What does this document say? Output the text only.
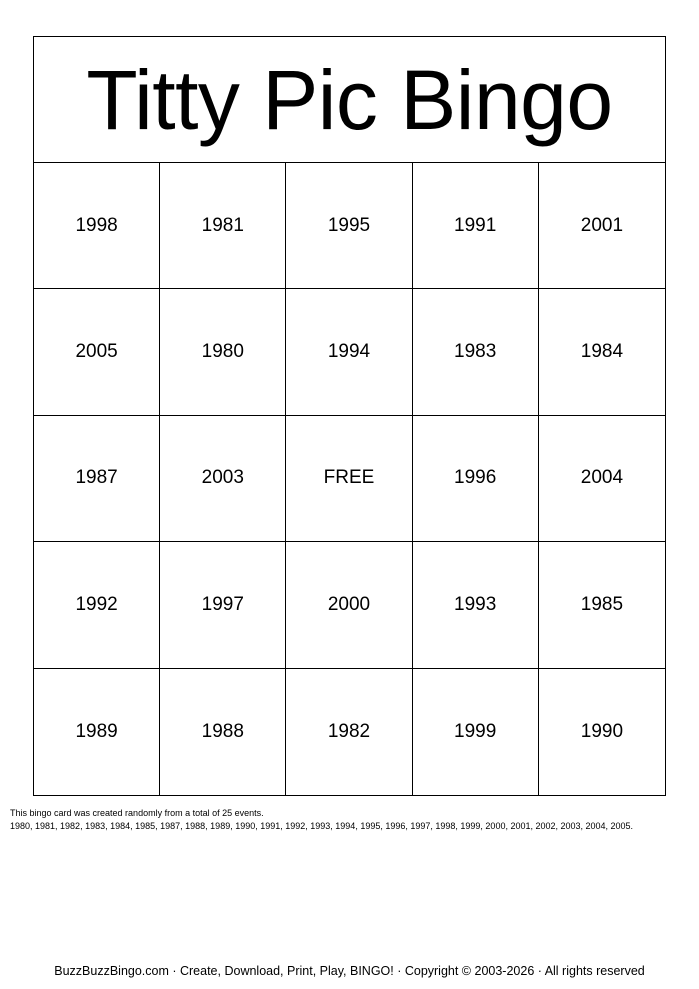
Titty Pic Bingo
1998	1981	1995	1991	2001
2005	1980	1994	1983	1984
1987	2003	FREE	1996	2004
1992	1997	2000	1993	1985
1989	1988	1982	1999	1990
This bingo card was created randomly from a total of 25 events.
1980, 1981, 1982, 1983, 1984, 1985, 1987, 1988, 1989, 1990, 1991, 1992, 1993, 1994, 1995, 1996, 1997, 1998, 1999, 2000, 2001, 2002, 2003, 2004, 2005.
BuzzBuzzBingo.com · Create, Download, Print, Play, BINGO! · Copyright © 2003-2026 · All rights reserved
